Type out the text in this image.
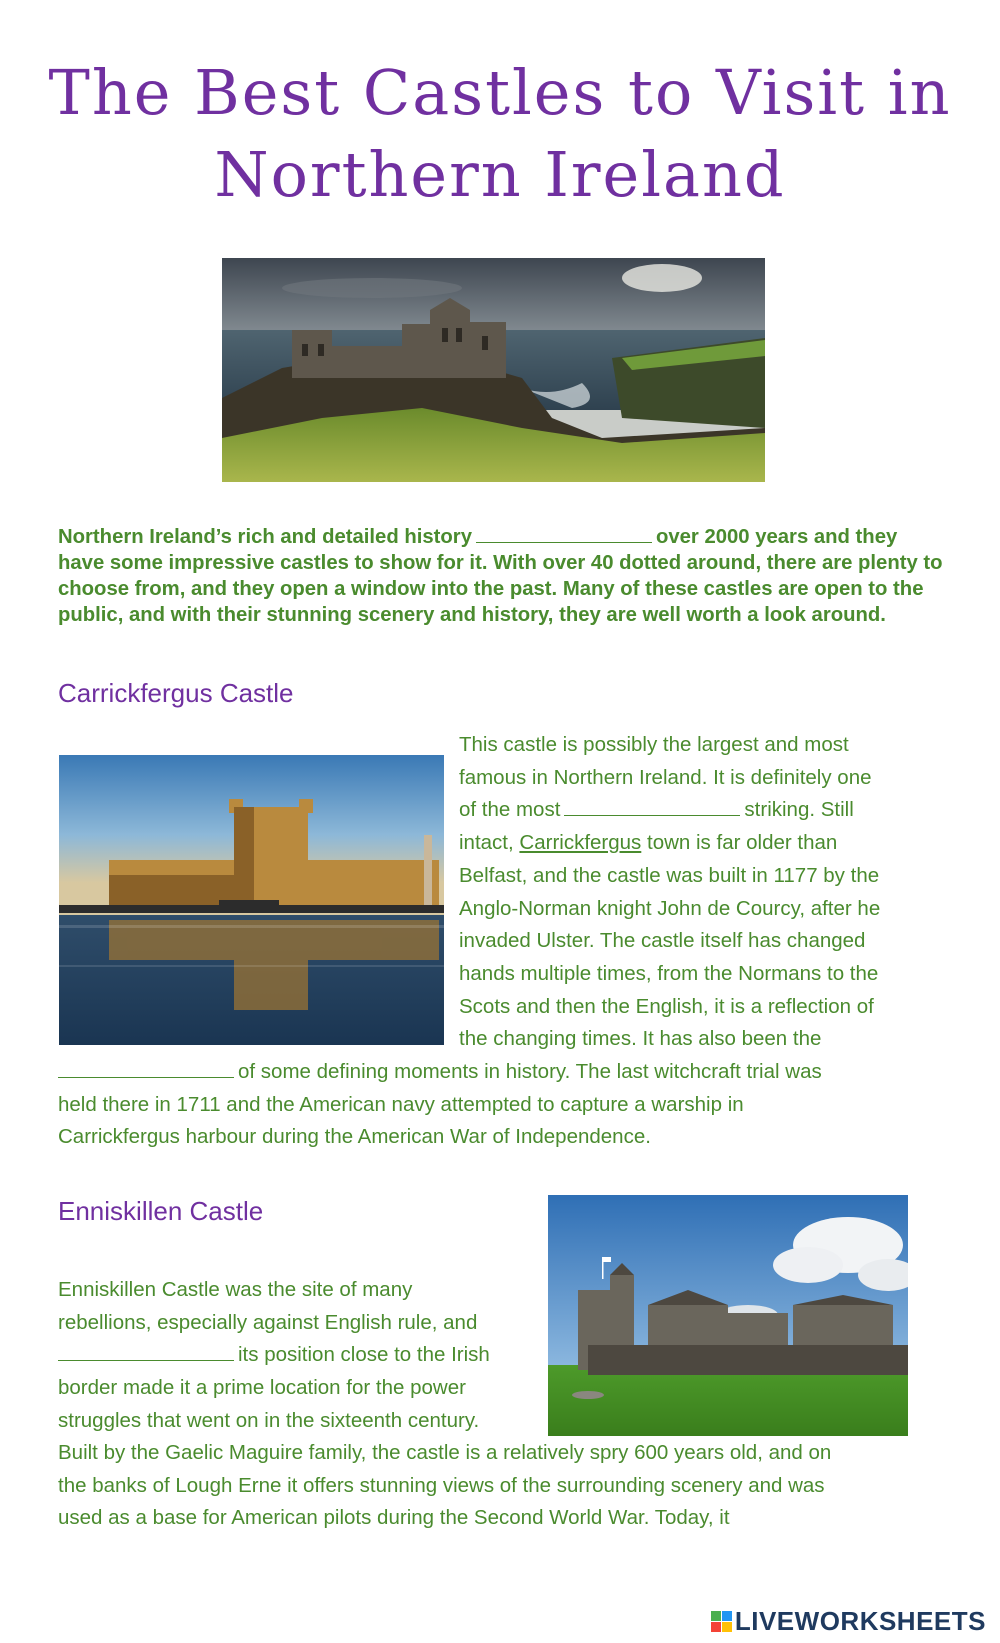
The Best Castles to Visit in
Northern Ireland

Northern Ireland’s rich and detailed history	over 2000 years and they have some impressive castles to show for it. With over 40 dotted around, there are plenty to choose from, and they open a window into the past. Many of these castles are open to the public, and with their stunning scenery and history, they are well worth a look around.

Carrickfergus Castle

This castle is possibly the largest and most
famous in Northern Ireland. It is definitely one
of the most	striking. Still
intact, Carrickfergus town is far older than
Belfast, and the castle was built in 1177 by the
Anglo-Norman knight John de Courcy, after he
invaded Ulster. The castle itself has changed
hands multiple times, from the Normans to the
Scots and then the English, it is a reflection of
the changing times. It has also been the

of some defining moments in history. The last witchcraft trial was
held there in 1711 and the American navy attempted to capture a warship in
Carrickfergus harbour during the American War of Independence.

Enniskillen Castle

Enniskillen Castle was the site of many
rebellions, especially against English rule, and
its position close to the Irish
border made it a prime location for the power
struggles that went on in the sixteenth century.

Built by the Gaelic Maguire family, the castle is a relatively spry 600 years old, and on
the banks of Lough Erne it offers stunning views of the surrounding scenery and was
used as a base for American pilots during the Second World War. Today, it

LIVEWORKSHEETS
